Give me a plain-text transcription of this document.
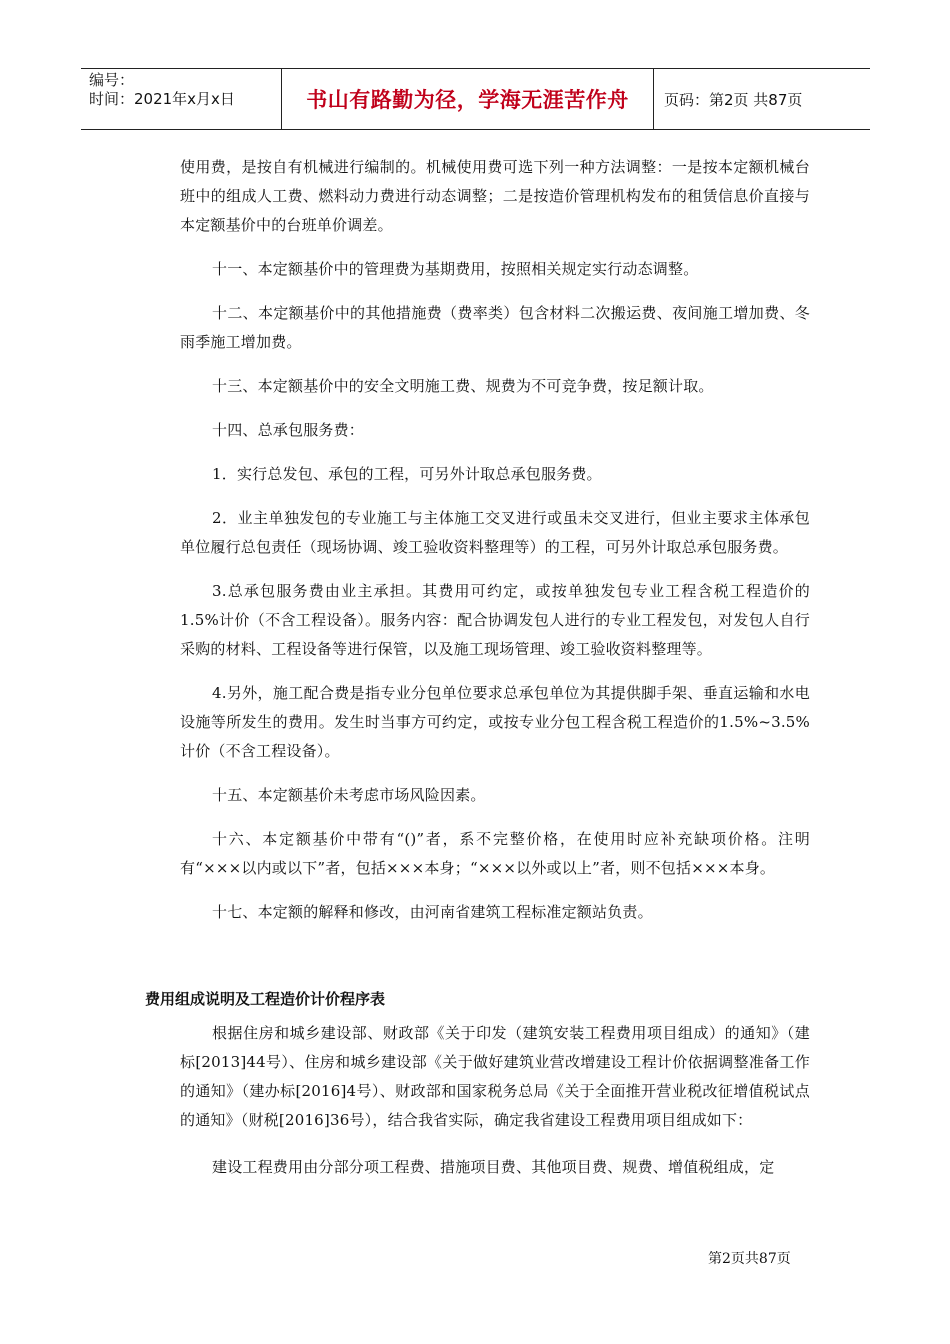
编号：
时间：2021年x月x日	书山有路勤为径，学海无涯苦作舟	页码：第2页 共87页

使用费，是按自有机械进行编制的。机械使用费可选下列一种方法调整：一是按本定额机械台班中的组成人工费、燃料动力费进行动态调整；二是按造价管理机构发布的租赁信息价直接与本定额基价中的台班单价调差。

十一、本定额基价中的管理费为基期费用，按照相关规定实行动态调整。

十二、本定额基价中的其他措施费（费率类）包含材料二次搬运费、夜间施工增加费、冬雨季施工增加费。

十三、本定额基价中的安全文明施工费、规费为不可竞争费，按足额计取。

十四、总承包服务费：

1．实行总发包、承包的工程，可另外计取总承包服务费。

2．业主单独发包的专业施工与主体施工交叉进行或虽未交叉进行，但业主要求主体承包单位履行总包责任（现场协调、竣工验收资料整理等）的工程，可另外计取总承包服务费。

3.总承包服务费由业主承担。其费用可约定，或按单独发包专业工程含税工程造价的1.5%计价（不含工程设备）。服务内容：配合协调发包人进行的专业工程发包，对发包人自行采购的材料、工程设备等进行保管，以及施工现场管理、竣工验收资料整理等。

4.另外，施工配合费是指专业分包单位要求总承包单位为其提供脚手架、垂直运输和水电设施等所发生的费用。发生时当事方可约定，或按专业分包工程含税工程造价的1.5%~3.5%计价（不含工程设备）。

十五、本定额基价未考虑市场风险因素。

十六、本定额基价中带有“()”者，系不完整价格，在使用时应补充缺项价格。注明有“×××以内或以下”者，包括×××本身；“×××以外或以上”者，则不包括×××本身。

十七、本定额的解释和修改，由河南省建筑工程标准定额站负责。

费用组成说明及工程造价计价程序表

根据住房和城乡建设部、财政部《关于印发（建筑安装工程费用项目组成）的通知》（建标[2013]44号）、住房和城乡建设部《关于做好建筑业营改增建设工程计价依据调整准备工作的通知》（建办标[2016]4号）、财政部和国家税务总局《关于全面推开营业税改征增值税试点的通知》（财税[2016]36号），结合我省实际，确定我省建设工程费用项目组成如下：

建设工程费用由分部分项工程费、措施项目费、其他项目费、规费、增值税组成，定

第2页共87页
